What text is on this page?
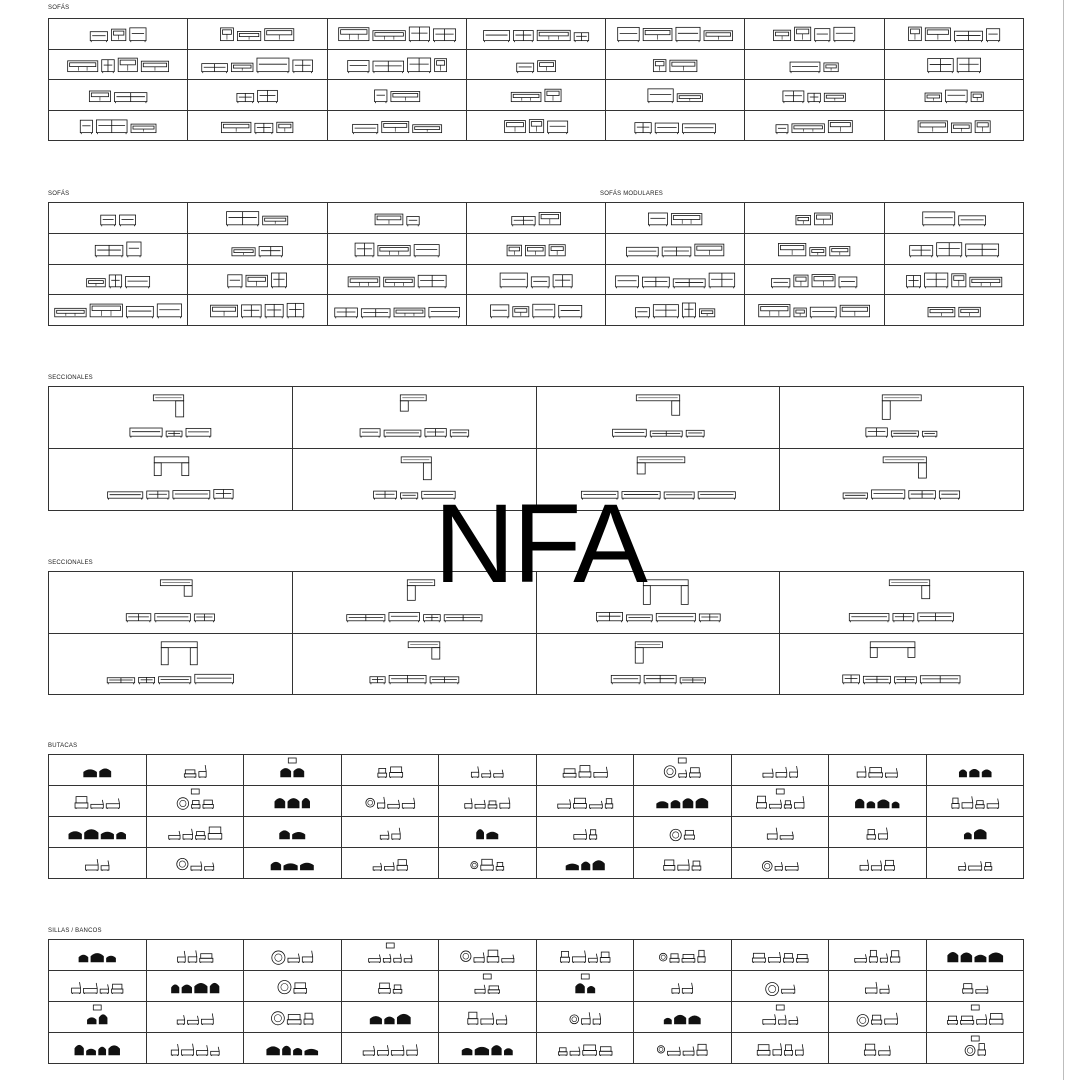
SOFÁS
SOFÁS	SOFÁS MODULARES
SECCIONALES
SECCIONALES
BUTACAS
SILLAS / BANCOS
NFA
